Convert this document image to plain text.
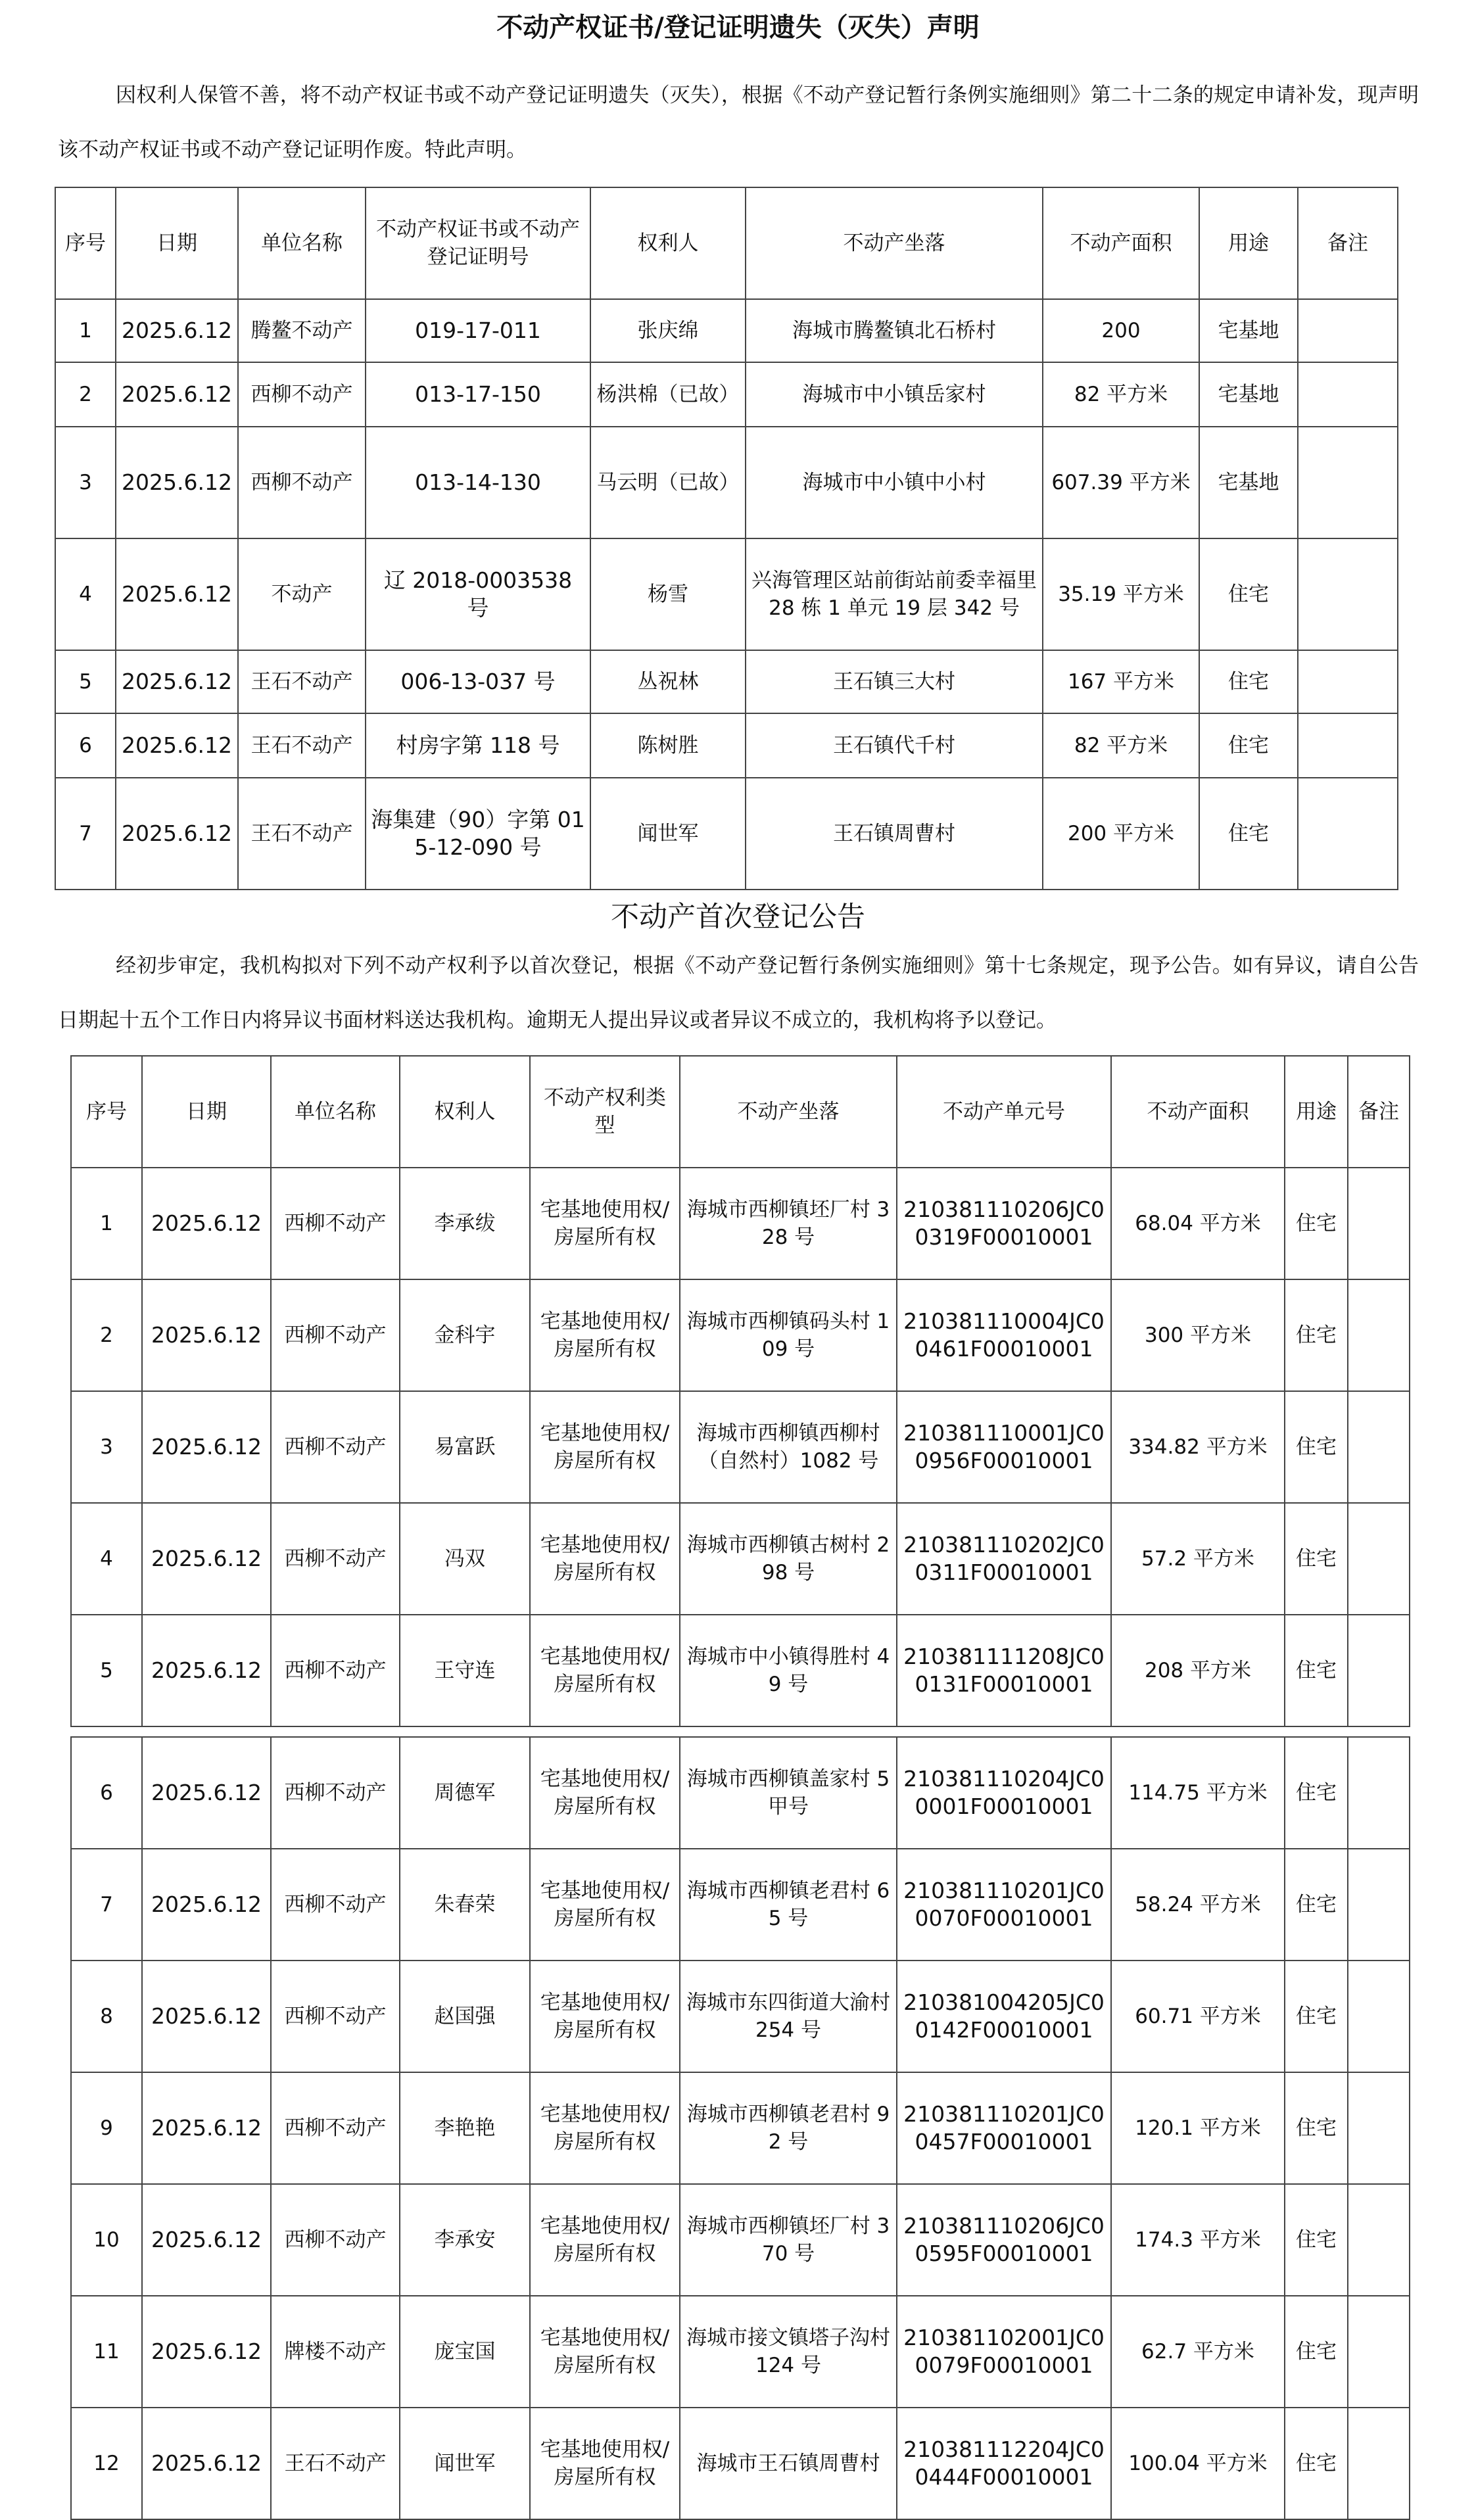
不动产权证书/登记证明遗失（灭失）声明
因权利人保管不善，将不动产权证书或不动产登记证明遗失（灭失），根据《不动产登记暂行条例实施细则》第二十二条的规定申请补发，现声明该不动产权证书或不动产登记证明作废。特此声明。
序号	日期	单位名称	不动产权证书或不动产登记证明号	权利人	不动产坐落	不动产面积	用途	备注
1	2025.6.12	腾鳌不动产	019-17-011	张庆绵	海城市腾鳌镇北石桥村	200	宅基地	
2	2025.6.12	西柳不动产	013-17-150	杨洪棉（已故）	海城市中小镇岳家村	82 平方米	宅基地	
3	2025.6.12	西柳不动产	013-14-130	马云明（已故）	海城市中小镇中小村	607.39 平方米	宅基地	
4	2025.6.12	不动产	辽 2018-0003538 号	杨雪	兴海管理区站前街站前委幸福里 28 栋 1 单元 19 层 342 号	35.19 平方米	住宅	
5	2025.6.12	王石不动产	006-13-037 号	丛祝林	王石镇三大村	167 平方米	住宅	
6	2025.6.12	王石不动产	村房字第 118 号	陈树胜	王石镇代千村	82 平方米	住宅	
7	2025.6.12	王石不动产	海集建（90）字第 015-12-090 号	闻世军	王石镇周曹村	200 平方米	住宅	
不动产首次登记公告
经初步审定，我机构拟对下列不动产权利予以首次登记，根据《不动产登记暂行条例实施细则》第十七条规定，现予公告。如有异议，请自公告日期起十五个工作日内将异议书面材料送达我机构。逾期无人提出异议或者异议不成立的，我机构将予以登记。
序号	日期	单位名称	权利人	不动产权利类型	不动产坐落	不动产单元号	不动产面积	用途	备注
1	2025.6.12	西柳不动产	李承绂	宅基地使用权/房屋所有权	海城市西柳镇坯厂村 328 号	210381110206JC00319F00010001	68.04 平方米	住宅	
2	2025.6.12	西柳不动产	金科宇	宅基地使用权/房屋所有权	海城市西柳镇码头村 109 号	210381110004JC00461F00010001	300 平方米	住宅	
3	2025.6.12	西柳不动产	易富跃	宅基地使用权/房屋所有权	海城市西柳镇西柳村（自然村）1082 号	210381110001JC00956F00010001	334.82 平方米	住宅	
4	2025.6.12	西柳不动产	冯双	宅基地使用权/房屋所有权	海城市西柳镇古树村 298 号	210381110202JC00311F00010001	57.2 平方米	住宅	
5	2025.6.12	西柳不动产	王守连	宅基地使用权/房屋所有权	海城市中小镇得胜村 49 号	210381111208JC00131F00010001	208 平方米	住宅	
6	2025.6.12	西柳不动产	周德军	宅基地使用权/房屋所有权	海城市西柳镇盖家村 5 甲号	210381110204JC00001F00010001	114.75 平方米	住宅	
7	2025.6.12	西柳不动产	朱春荣	宅基地使用权/房屋所有权	海城市西柳镇老君村 65 号	210381110201JC00070F00010001	58.24 平方米	住宅	
8	2025.6.12	西柳不动产	赵国强	宅基地使用权/房屋所有权	海城市东四街道大渝村 254 号	210381004205JC00142F00010001	60.71 平方米	住宅	
9	2025.6.12	西柳不动产	李艳艳	宅基地使用权/房屋所有权	海城市西柳镇老君村 92 号	210381110201JC00457F00010001	120.1 平方米	住宅	
10	2025.6.12	西柳不动产	李承安	宅基地使用权/房屋所有权	海城市西柳镇坯厂村 370 号	210381110206JC00595F00010001	174.3 平方米	住宅	
11	2025.6.12	牌楼不动产	庞宝国	宅基地使用权/房屋所有权	海城市接文镇塔子沟村 124 号	210381102001JC00079F00010001	62.7 平方米	住宅	
12	2025.6.12	王石不动产	闻世军	宅基地使用权/房屋所有权	海城市王石镇周曹村	210381112204JC00444F00010001	100.04 平方米	住宅	
